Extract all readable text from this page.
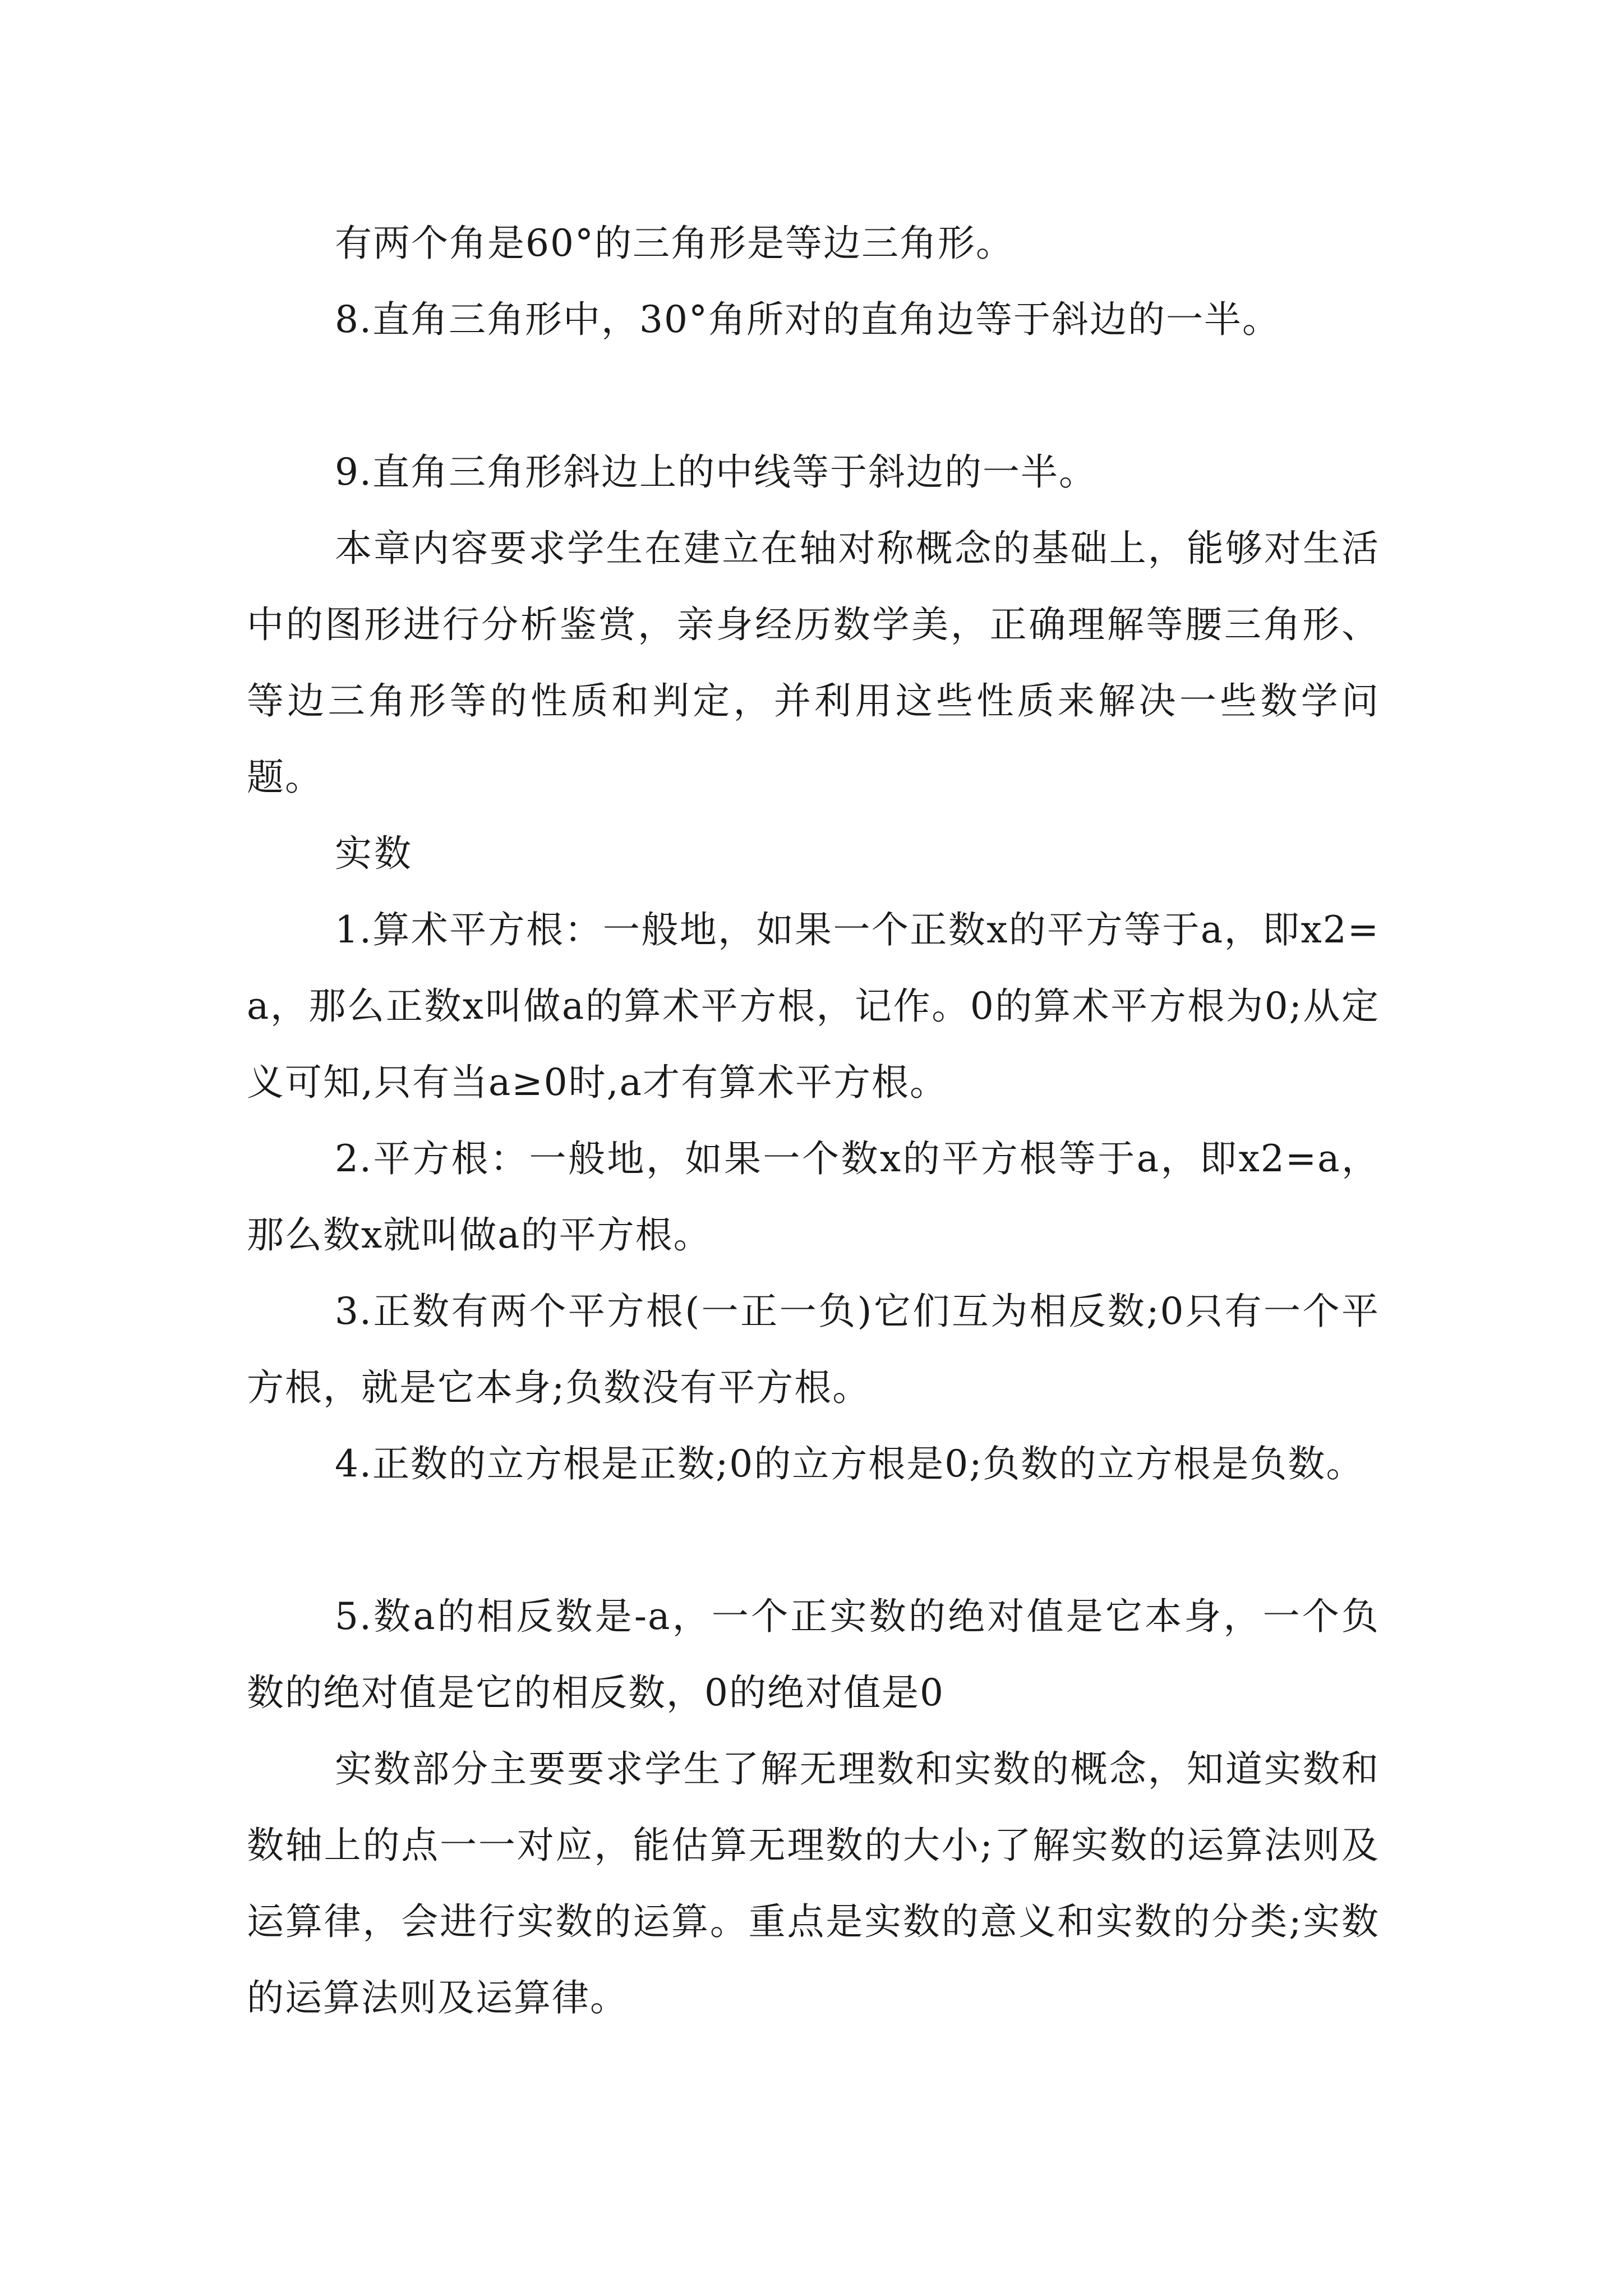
有两个角是60°的三角形是等边三角形。

8.直角三角形中，30°角所对的直角边等于斜边的一半。

9.直角三角形斜边上的中线等于斜边的一半。

本章内容要求学生在建立在轴对称概念的基础上，能够对生活中的图形进行分析鉴赏，亲身经历数学美，正确理解等腰三角形、等边三角形等的性质和判定，并利用这些性质来解决一些数学问题。

实数

1.算术平方根：一般地，如果一个正数x的平方等于a，即x2=a，那么正数x叫做a的算术平方根，记作。0的算术平方根为0;从定义可知,只有当a≥0时,a才有算术平方根。

2.平方根：一般地，如果一个数x的平方根等于a，即x2=a，那么数x就叫做a的平方根。

3.正数有两个平方根(一正一负)它们互为相反数;0只有一个平方根，就是它本身;负数没有平方根。

4.正数的立方根是正数;0的立方根是0;负数的立方根是负数。

5.数a的相反数是-a，一个正实数的绝对值是它本身，一个负数的绝对值是它的相反数，0的绝对值是0

实数部分主要要求学生了解无理数和实数的概念，知道实数和数轴上的点一一对应，能估算无理数的大小;了解实数的运算法则及运算律，会进行实数的运算。重点是实数的意义和实数的分类;实数的运算法则及运算律。
